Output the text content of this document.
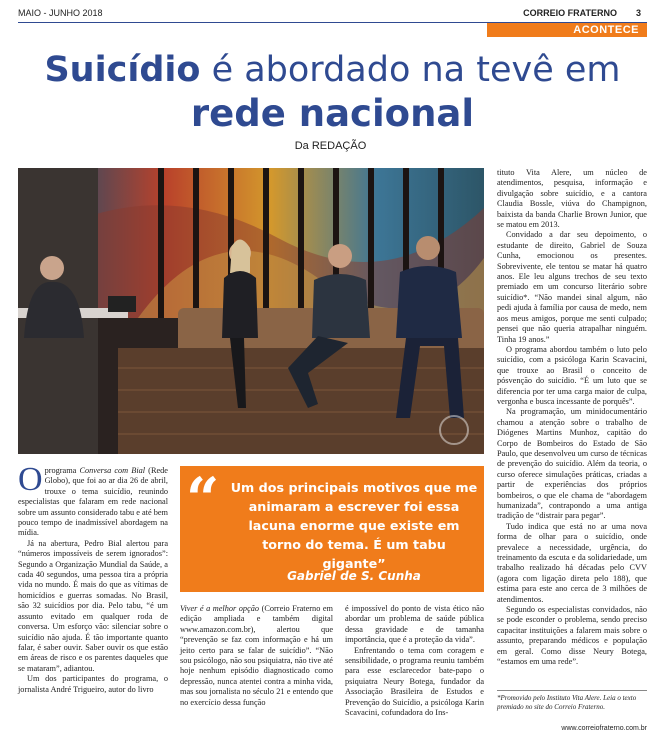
MAIO - JUNHO 2018	CORREIO FRATERNO 3
ACONTECE
Suicídio é abordado na tevê em
rede nacional
Da REDAÇÃO

O programa Conversa com Bial (Rede Globo), que foi ao ar dia 26 de abril, trouxe o tema suicídio, reunindo especialistas que falaram em rede nacional sobre um assunto considerado tabu e até bem pouco tempo de inadmissível abordagem na mídia.

Já na abertura, Pedro Bial alertou para “números impossíveis de serem ignorados”: Segundo a Organização Mundial da Saúde, a cada 40 segundos, uma pessoa tira a própria vida no mundo. É mais do que as vítimas de homicídios e guerras somadas. No Brasil, são 32 suicídios por dia. Pelo tabu, “é um assunto evitado em qualquer roda de conversa. Um esforço vão: silenciar sobre o suicídio não ajuda. É tão importante quanto falar, é saber ouvir. Saber ouvir os que estão em áreas de risco e os parentes daqueles que se mataram”, adiantou.

Um dos participantes do programa, o jornalista André Trigueiro, autor do livro

“ Um dos principais motivos que me animaram a escrever foi essa lacuna enorme que existe em torno do tema. É um tabu gigante”
Gabriel de S. Cunha

Viver é a melhor opção (Correio Fraterno em edição ampliada e também digital www.amazon.com.br), alertou que “prevenção se faz com informação e há um jeito certo para se falar de suicídio”. “Não sou psicólogo, não sou psiquiatra, não tive até hoje nenhum episódio diagnosticado como depressão, nunca atentei contra a minha vida, mas sou jornalista no século 21 e entendo que no exercício dessa função

é impossível do ponto de vista ético não abordar um problema de saúde pública dessa gravidade e de tamanha importância, que é a proteção da vida”.

Enfrentando o tema com coragem e sensibilidade, o programa reuniu também para esse esclarecedor bate-papo o psiquiatra Neury Botega, fundador da Associação Brasileira de Estudos e Prevenção do Suicídio, a psicóloga Karin Scavacini, cofundadora do Ins-

tituto Vita Alere, um núcleo de atendimentos, pesquisa, informação e divulgação sobre suicídio, e a cantora Claudia Bossle, viúva do Champignon, baixista da banda Charlie Brown Junior, que se matou em 2013.

Convidado a dar seu depoimento, o estudante de direito, Gabriel de Souza Cunha, emocionou os presentes. Sobrevivente, ele tentou se matar há quatro anos. Ele leu alguns trechos de seu texto premiado em um concurso literário sobre suicídio*. “Não mandei sinal algum, não pedi ajuda à família por causa de medo, nem aos meus amigos, porque me senti culpado; pensei que não queria atrapalhar ninguém. Tinha 19 anos.”

O programa abordou também o luto pelo suicídio, com a psicóloga Karin Scavacini, que trouxe ao Brasil o conceito de pósvenção do suicídio. “É um luto que se diferencia por ter uma carga maior de culpa, vergonha e busca incessante de porquês”.

Na programação, um minidocumentário chamou a atenção sobre o trabalho de Diógenes Martins Munhoz, capitão do Corpo de Bombeiros do Estado de São Paulo, que desenvolveu um curso de técnicas de prevenção do suicídio. Além da teoria, o curso oferece simulações práticas, criadas a partir de experiências dos próprios bombeiros, o que ele chama de “abordagem humanizada”, contrapondo a uma antiga tradição de “distrair para pegar”.

Tudo indica que está no ar uma nova forma de olhar para o suicídio, onde prevalece a necessidade, urgência, do treinamento da escuta e da solidariedade, um trabalho realizado há décadas pelo CVV (agora com ligação direta pelo 188), que estima para este ano cerca de 3 milhões de atendimentos.

Segundo os especialistas convidados, não se pode esconder o problema, sendo preciso capacitar instituições a falarem mais sobre o assunto, preparando médicos e população em geral. Como disse Neury Botega, “estamos em uma rede”.

*Promovido pelo Instituto Vita Alere. Leia o texto premiado no site do Correio Fraterno.
www.correiofraterno.com.br
